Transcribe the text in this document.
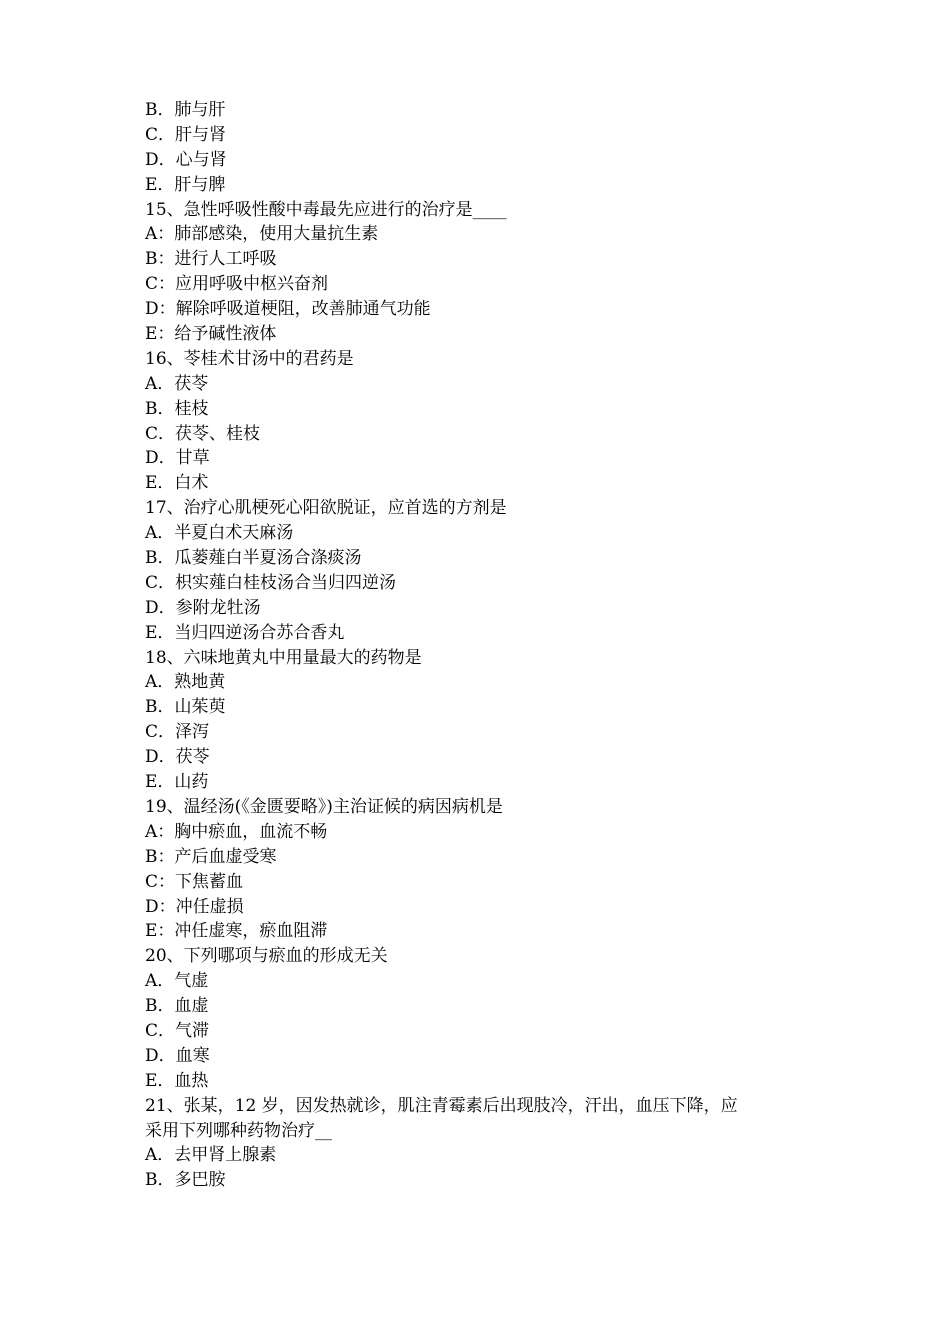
B．肺与肝
C．肝与肾
D．心与肾
E．肝与脾
15、急性呼吸性酸中毒最先应进行的治疗是____
A：肺部感染，使用大量抗生素
B：进行人工呼吸
C：应用呼吸中枢兴奋剂
D：解除呼吸道梗阻，改善肺通气功能
E：给予碱性液体
16、苓桂术甘汤中的君药是
A．茯苓
B．桂枝
C．茯苓、桂枝
D．甘草
E．白术
17、治疗心肌梗死心阳欲脱证，应首选的方剂是
A．半夏白术天麻汤
B．瓜蒌薤白半夏汤合涤痰汤
C．枳实薤白桂枝汤合当归四逆汤
D．参附龙牡汤
E．当归四逆汤合苏合香丸
18、六味地黄丸中用量最大的药物是
A．熟地黄
B．山茱萸
C．泽泻
D．茯苓
E．山药
19、温经汤(《金匮要略》)主治证候的病因病机是
A：胸中瘀血，血流不畅
B：产后血虚受寒
C：下焦蓄血
D：冲任虚损
E：冲任虚寒，瘀血阻滞
20、下列哪项与瘀血的形成无关
A．气虚
B．血虚
C．气滞
D．血寒
E．血热
21、张某，12 岁，因发热就诊，肌注青霉素后出现肢冷，汗出，血压下降，应
采用下列哪种药物治疗__
A．去甲肾上腺素
B．多巴胺
